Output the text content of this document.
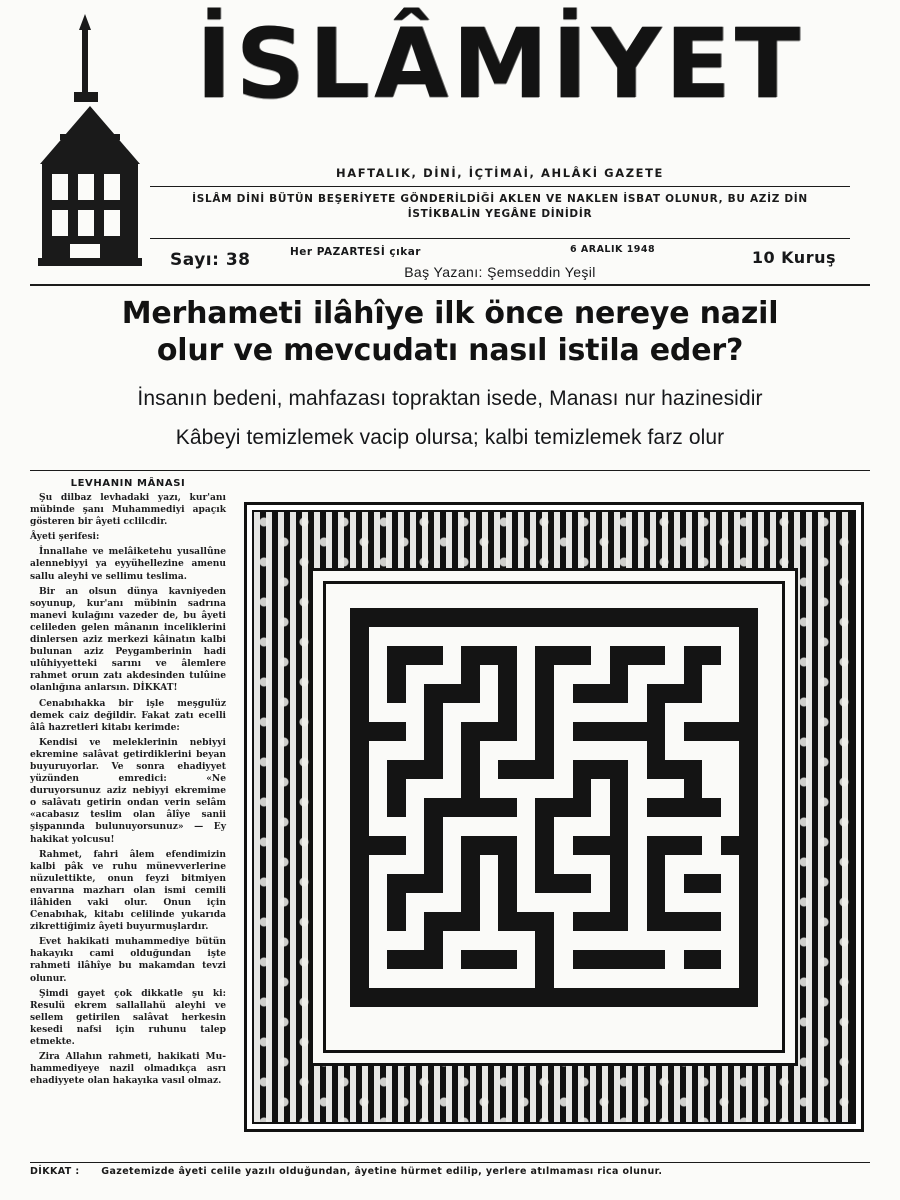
İSLÂMİYET
HAFTALIK, DİNİ, İÇTİMAİ, AHLÂKİ GAZETE
İSLÂM DİNİ BÜTÜN BEŞERİYETE GÖNDERİLDİĞİ AKLEN VE NAKLEN İSBAT OLUNUR, BU AZİZ DİN
İSTİKBALİN YEGÂNE DİNİDİR
Sayı: 38	Her PAZARTESİ çıkar	6 ARALIK 1948	10 Kuruş
Baş Yazanı: Şemseddin Yeşil
Merhameti ilâhîye ilk önce nereye nazil
olur ve mevcudatı nasıl istila eder?
İnsanın bedeni, mahfazası topraktan isede, Manası nur hazinesidir
Kâbeyi temizlemek vacip olursa; kalbi temizlemek farz olur
LEVHANIN MÂNASI

Şu dilbaz levhadaki yazı, kur'anı mübinde şanı Muhammediyi apaçık gösteren bir âyeti cclilcdir.

Âyeti şerifesi:

İnnallahe ve melâiketehu yusallûne alennebiyyi ya eyyühellezine amenu sallu aleyhi ve sellimu teslima.

Bir an olsun dünya kavniyeden soyunup, kur'anı mübinin sadrına manevi kulağını vazeder de, bu âyeti celileden gelen mânanın inceliklerini dinlersen aziz merkezi kâinatın kalbi bulunan aziz Peygamberinin hadi ulûhiyyetteki sarını ve âlemlere rahmet oruın zatı akdesinden tulûine olanlığına anlarsın. DİKKAT!

Cenabıhakka bir işle meşgulüz demek caiz değildir. Fakat zatı ecelli âlâ hazretleri kitabı kerimde:

Kendisi ve meleklerinin nebiyyi ekremine salâvat getirdiklerini beyan buyuruyorlar. Ve sonra ehadiyyet yüzünden emredici: «Ne duruyorsunuz aziz nebiyyi ekremime o salâvatı getirin ondan verin selâm «acabasız teslim olan âlîye sanii şişpanında bulunuyorsunuz» — Ey hakikat yolcusu!

Rahmet, fahri âlem efendimizin kalbi pâk ve ruhu münevverlerine nüzulettikte, onun feyzi bitmiyen envarına mazharı olan ismi cemili ilâhiden vaki olur. Onun için Cenabıhak, kitabı celilinde yukarıda zikrettiğimiz âyeti buyurmuşlardır.

Evet hakikati muhammediye bütün hakayıkı cami olduğundan işte rahmeti ilâhîye bu makamdan tevzi olunur.

Şimdi gayet çok dikkatle şu ki: Resulü ekrem sallallahü aleyhi ve sellem getirilen salâvat herkesin kesedi nafsi için ruhunu talep etmekte.

Zira Allahın rahmeti, hakikati Muhammediyeye nazil olmadıkça asrı ehadiyyete olan hakayıka vasıl olmaz.

DİKKAT : Gazetemizde âyeti celile yazılı olduğundan, âyetine hürmet edilip, yerlere atılmaması rica olunur.
